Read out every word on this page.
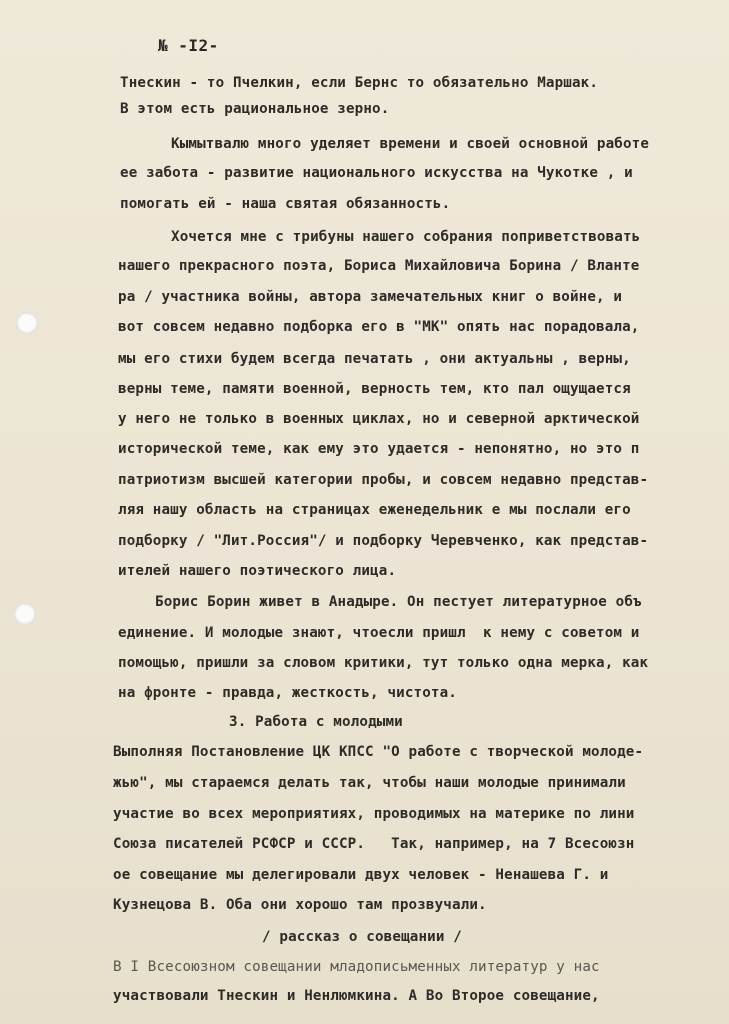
№ -I2-
Тнескин - то Пчелкин, если Бернс то обязательно Маршак.
В этом есть рациональное зерно.
Кымытвалю много уделяет времени и своей основной работе
ее забота - развитие национального искусства на Чукотке , и
помогать ей - наша святая обязанность.
Хочется мне с трибуны нашего собрания поприветствовать
нашего прекрасного поэта, Бориса Михайловича Борина / Вланте
ра / участника войны, автора замечательных книг о войне, и
вот совсем недавно подборка его в "МК" опять нас порадовала,
мы его стихи будем всегда печатать , они актуальны , верны,
верны теме, памяти военной, верность тем, кто пал ощущается
у него не только в военных циклах, но и северной арктической
исторической теме, как ему это удается - непонятно, но это п
патриотизм высшей категории пробы, и совсем недавно представ-
ляя нашу область на страницах еженедельник е мы послали его
подборку / "Лит.Россия"/ и подборку Черевченко, как представ-
ителей нашего поэтического лица.
Борис Борин живет в Анадыре. Он пестует литературное объ
единение. И молодые знают, чтоесли пришл  к нему с советом и
помощью, пришли за словом критики, тут только одна мерка, как
на фронте - правда, жесткость, чистота.
3. Работа с молодыми
Выполняя Постановление ЦК КПСС "О работе с творческой молоде-
жью", мы стараемся делать так, чтобы наши молодые принимали
участие во всех мероприятиях, проводимых на материке по лини
Союза писателей РСФСР и СССР.   Так, например, на 7 Всесоюзн
ое совещание мы делегировали двух человек - Ненашева Г. и
Кузнецова В. Оба они хорошо там прозвучали.
/ рассказ о совещании /
В I Всесоюзном совещании младописьменных литератур у нас
участвовали Тнескин и Ненлюмкина. А Во Второе совещание,
